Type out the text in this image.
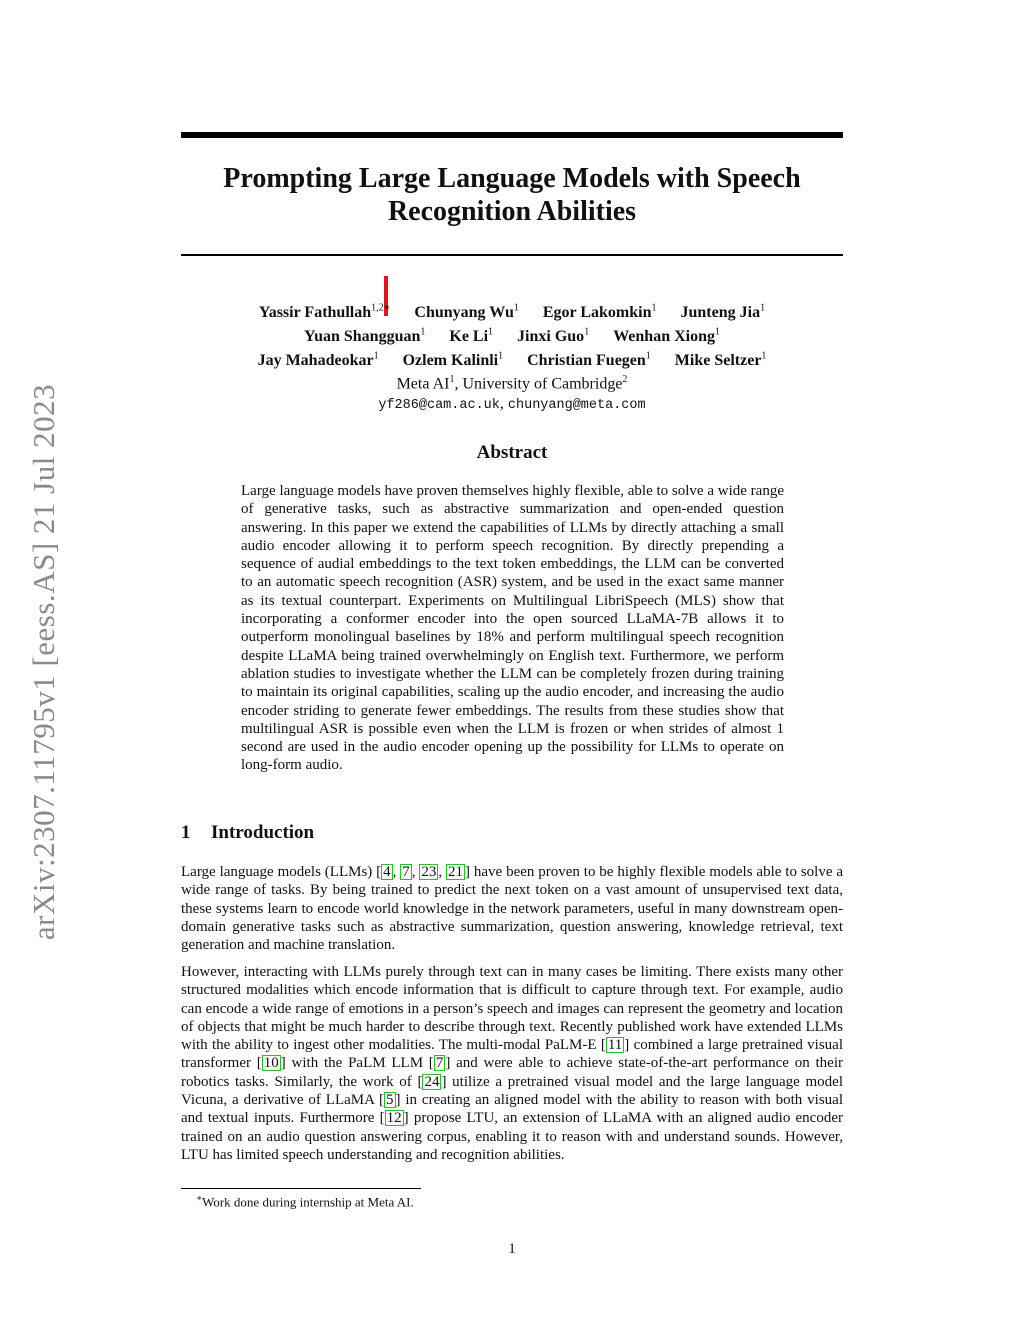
arXiv:2307.11795v1 [eess.AS] 21 Jul 2023
Prompting Large Language Models with Speech Recognition Abilities
Yassir Fathullah$^{1,2∗}$ Chunyang Wu$^1$ Egor Lakomkin$^1$ Junteng Jia$^1$
Yuan Shangguan$^1$ Ke Li$^1$ Jinxi Guo$^1$ Wenhan Xiong$^1$
Jay Mahadeokar$^1$ Ozlem Kalinli$^1$ Christian Fuegen$^1$ Mike Seltzer$^1$
Meta $AI^1$, University of Cambridge$^2$
yf286@cam.ac.uk, chunyang@meta.com
Abstract

Large language models have proven themselves highly flexible, able to solve a wide range of generative tasks, such as abstractive summarization and open-ended question answering. In this paper we extend the capabilities of LLMs by directly attaching a small audio encoder allowing it to perform speech recognition. By directly prepending a sequence of audial embeddings to the text token embeddings, the LLM can be converted to an automatic speech recognition (ASR) system, and be used in the exact same manner as its textual counterpart. Experiments on Multilingual LibriSpeech (MLS) show that incorporating a conformer encoder into the open sourced LLaMA-7B allows it to outperform monolingual baselines by 18% and perform multilingual speech recognition despite LLaMA being trained overwhelmingly on English text. Furthermore, we perform ablation studies to investigate whether the LLM can be completely frozen during training to maintain its original capabilities, scaling up the audio encoder, and increasing the audio encoder striding to generate fewer embeddings. The results from these studies show that multilingual ASR is possible even when the LLM is frozen or when strides of almost 1 second are used in the audio encoder opening up the possibility for LLMs to operate on long-form audio.

1 Introduction

Large language models (LLMs) [ 4 , 7 , 23 , 21 ] have been proven to be highly flexible models able to solve a wide range of tasks. By being trained to predict the next token on a vast amount of unsupervised text data, these systems learn to encode world knowledge in the network parameters, useful in many downstream open-domain generative tasks such as abstractive summarization, question answering, knowledge retrieval, text generation and machine translation.

However, interacting with LLMs purely through text can in many cases be limiting. There exists many other structured modalities which encode information that is difficult to capture through text. For example, audio can encode a wide range of emotions in a person’s speech and images can represent the geometry and location of objects that might be much harder to describe through text. Recently published work have extended LLMs with the ability to ingest other modalities. The multi-modal PaLM-E [ 11 ] combined a large pretrained visual transformer [ 10 ] with the PaLM LLM [ 7 ] and were able to achieve state-of-the-art performance on their robotics tasks. Similarly, the work of [ 24 ] utilize a pretrained visual model and the large language model Vicuna, a derivative of LLaMA [ 5 ] in creating an aligned model with the ability to reason with both visual and textual inputs. Furthermore [ 12 ] propose LTU, an extension of LLaMA with an aligned audio encoder trained on an audio question answering corpus, enabling it to reason with and understand sounds. However, LTU has limited speech understanding and recognition abilities.

∗Work done during internship at Meta AI.
1
